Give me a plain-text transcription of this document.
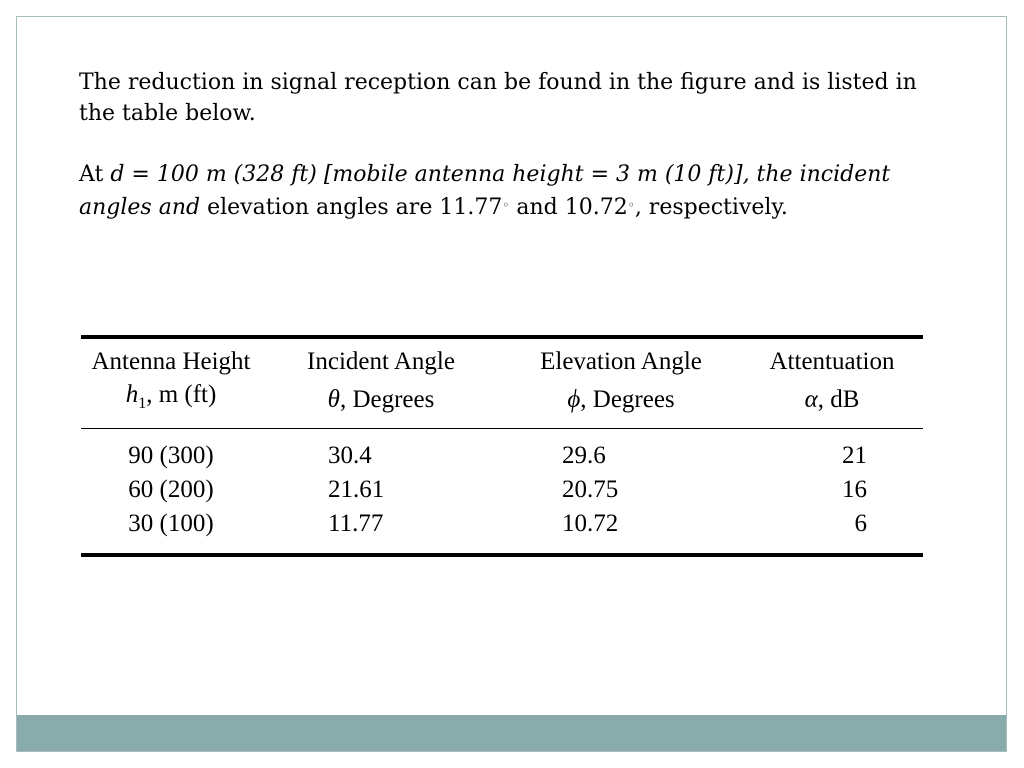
The reduction in signal reception can be found in the figure and is listed in the table below.

At d = 100 m (328 ft) [mobile antenna height = 3 m (10 ft)], the incident angles and elevation angles are 11.77◦ and 10.72◦, respectively.

Antenna Height	Incident Angle	Elevation Angle	Attentuation
$h_1$, m (ft)	θ, Degrees	ϕ, Degrees	α, dB
90 (300)	30.4	29.6	21
60 (200)	21.61	20.75	16
30 (100)	11.77	10.72	6
